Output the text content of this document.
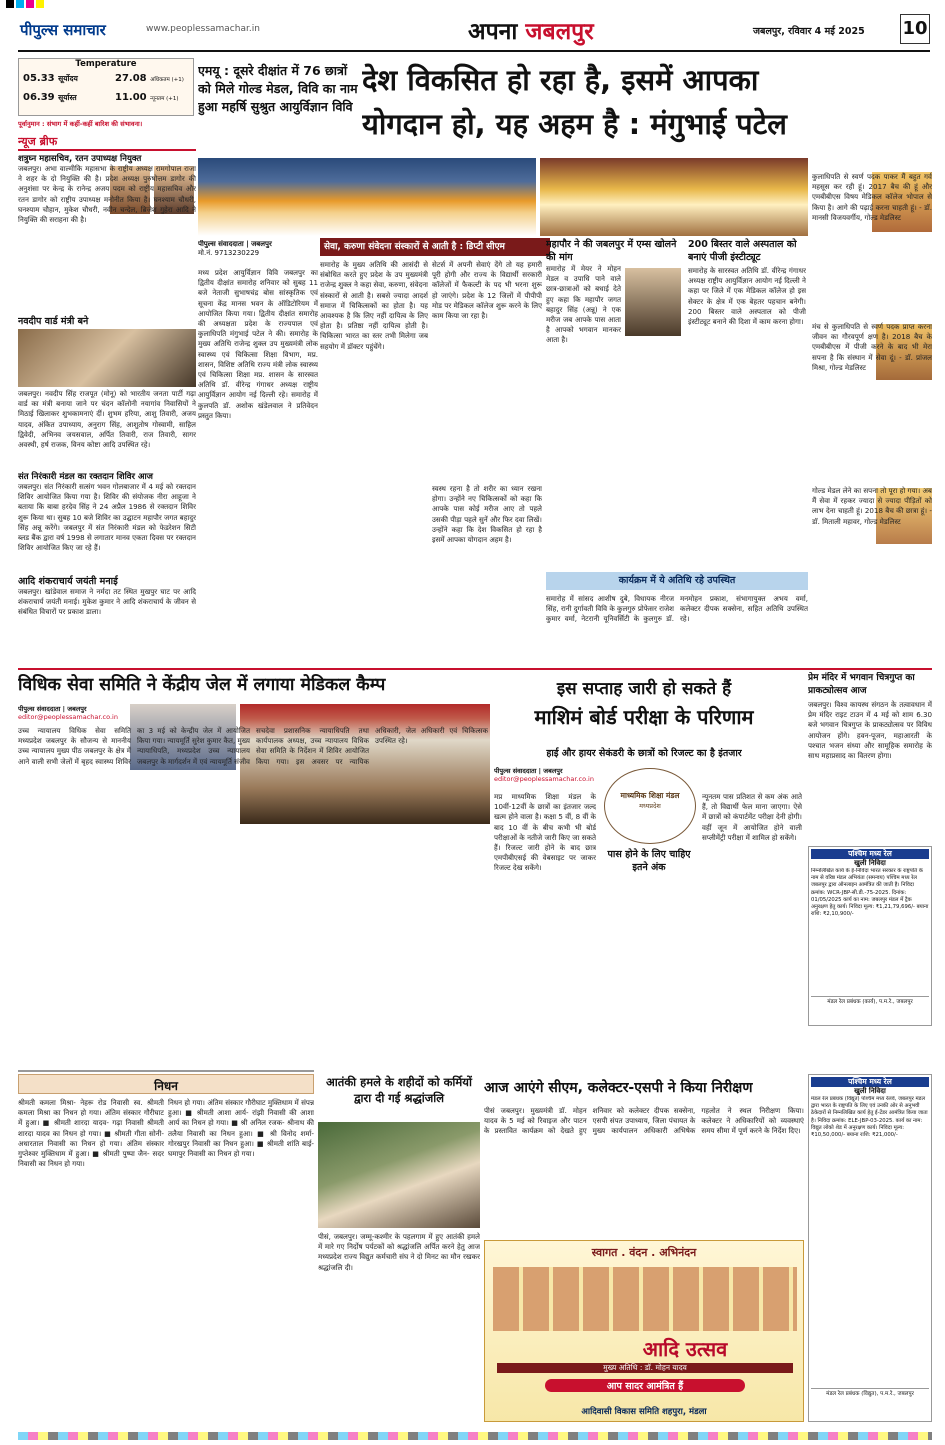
पीपुल्स समाचार	www.peoplessamachar.in	अपना जबलपुर	जबलपुर, रविवार 4 मई 2025 10
Temperature
05.33 सूर्योदय	27.08 अधिकतम (+1)
06.39 सूर्यास्त	11.00 न्यूनतम (+1)
पूर्वानुमान : संभाग में कहीं-कहीं बारिश की संभावना।
न्यूज ब्रीफ
शत्रुघ्न महासचिव, रतन उपाध्यक्ष नियुक्त
जबलपुर। अभा वाल्मीकि महासभा के राष्ट्रीय अध्यक्ष रामगोपाल राजा ने शहर के दो नियुक्ति की है। प्रदेश अध्यक्ष पुरुषोत्तम डागोर की अनुशंसा पर केन्द्र के रानेन्द्र अजय पदम को राष्ट्रीय महासचिव और रतन डागोर को राष्ट्रीय उपाध्यक्ष मनोनीत किया है। घनश्याम चौधरी, घनश्याम चौहान, मुकेश चौधरी, नवीन चन्देल, ब्रिजेश गुहेरा आदि ने नियुक्ति की सराहना की है।
नवदीप वार्ड मंत्री बने
जबलपुर। नवदीप सिंह राजपूत (मोनू) को भारतीय जनता पार्टी गढ़ा वार्ड का मंत्री बनाया जाने पर चंदन कॉलोनी नयागांव निवासियों ने मिठाई खिलाकर शुभकामनाएं दीं। शुभम हरिया, आशु तिवारी, अजय यादव, अंकित उपाध्याय, अनुराग सिंह, आशुतोष गोस्वामी, साहिल द्विवेदी, अभिनव जयसवाल, अर्पित तिवारी, राज तिवारी, सागर अवस्थी, हर्ष राजक, विनय कोष्टा आदि उपस्थित रहे।
संत निरंकारी मंडल का रक्तदान शिविर आज
जबलपुर। संत निरंकारी सत्संग भवन गोलबाजार में 4 मई को रक्तदान शिविर आयोजित किया गया है। शिविर की संयोजक नीरा आहूजा ने बताया कि बाबा हरदेव सिंह ने 24 अप्रैल 1986 से रक्तदान शिविर शुरू किया था। सुबह 10 बजे शिविर का उद्घाटन महापौर जगत बहादुर सिंह अन्नू करेंगे। जबलपुर में संत निरंकारी मंडल को फेडरेशन सिटी ब्लड बैंक द्वारा वर्ष 1998 से लगातार मानव एकता दिवस पर रक्तदान शिविर आयोजित किए जा रहे हैं।
आदि शंकराचार्य जयंती मनाई
जबलपुर। खांडेवाल समाज ने नर्मदा तट स्थित मुखपुर घाट पर आदि शंकराचार्य जयंती मनाई। मुकेश कुमार ने आदि शंकराचार्य के जीवन से संबंधित विचारों पर प्रकाश डाला।
एमयू : दूसरे दीक्षांत में 76 छात्रों को मिले गोल्ड मेडल, विवि का नाम हुआ महर्षि सुश्रुत आयुर्विज्ञान विवि
देश विकसित हो रहा है, इसमें आपका
योगदान हो, यह अहम है : मंगुभाई पटेल
कुलाधिपति से स्वर्ण पदक पाकर मैं बहुत गर्व महसूस कर रही हूं। 2017 बैच की हूं और एमबीबीएस विषय मेडिकल कॉलेज भोपाल से किया है। आगे की पढ़ाई करना चाहती हूं। - डॉ. मानसी विजयवर्गीय, गोल्ड मेडलिस्ट
मंच से कुलाधिपति से स्वर्ण पदक प्राप्त करना जीवन का गौरवपूर्ण क्षण है। 2018 बैच के एमबीबीएस में पीजी करने के बाद भी मेरा सपना है कि संस्थान में सेवा दूं। - डॉ. प्रांजल मिश्रा, गोल्ड मेडलिस्ट
गोल्ड मेडल लेने का सपना तो पूरा हो गया। अब मैं सेवा में रहकर ज्यादा से ज्यादा पीड़ितों को लाभ देना चाहती हूं। 2018 बैच की छात्रा हूं। - डॉ. मिताली महावर, गोल्ड मेडलिस्ट
पीपुल्स संवाददाता | जबलपुर
मो.नं. 9713230229
मध्य प्रदेश आयुर्विज्ञान विवि जबलपुर का द्वितीय दीक्षांत समारोह शनिवार को सुबह 11 बजे नेताजी सुभाषचंद्र बोस सांस्कृतिक एवं सूचना केंद्र मानस भवन के ऑडिटोरियम में आयोजित किया गया। द्वितीय दीक्षांत समारोह की अध्यक्षता प्रदेश के राज्यपाल एवं कुलाधिपति मंगुभाई पटेल ने की। समारोह के मुख्य अतिथि राजेन्द्र शुक्ल उप मुख्यमंत्री लोक स्वास्थ्य एवं चिकित्सा शिक्षा विभाग, मप्र. शासन, विशिष्ट अतिथि राज्य मंत्री लोक स्वास्थ्य एवं चिकित्सा शिक्षा मप्र. शासन के सारस्वत अतिथि डॉ. वीरेन्द्र गंगाधर अध्यक्ष राष्ट्रीय आयुर्विज्ञान आयोग नई दिल्ली रहे। समारोह में कुलपति डॉ. अशोक खंडेलवाल ने प्रतिवेदन प्रस्तुत किया।
सेवा, करुणा संवेदना संस्कारों से आती है : डिप्टी सीएम
समारोह के मुख्य अतिथि की आसंदी से संबोधित करते हुए प्रदेश के उप मुख्यमंत्री राजेन्द्र शुक्ल ने कहा सेवा, करुणा, संवेदना संस्कारों से आती है। सबसे ज्यादा आदर्श समाज में चिकित्सकों का होता है। यह आवश्यक है कि लिए नहीं दायित्व के लिए होता है। प्रतिष्ठा नहीं दायित्व होती है। चिकित्सा भारत का स्तर तभी मिलेगा जब सहयोग में डॉक्टर पहुंचेंगे।
सेटर्स में अपनी सेवाएं देंगे तो यह हमारी पूरी होगी और राज्य के विद्यार्थी सरकारी कॉलेजों में फैकल्टी के पद भी भरना शुरू हो जाएंगे। प्रदेश के 12 जिलों में पीपीपी मोड पर मेडिकल कॉलेज शुरू करने के लिए काम किया जा रहा है।
स्वस्थ रहना है तो शरीर का ध्यान रखना होगा। उन्होंने नए चिकित्सकों को कहा कि आपके पास कोई मरीज आए तो पहले उसकी पीड़ा पहले सुनें और फिर दवा लिखें। उन्होंने कहा कि देश विकसित हो रहा है इसमें आपका योगदान अहम है।
महापौर ने की जबलपुर में एम्स खोलने की मांग
समारोह में मेयर ने मोहन मेडल व उपाधि पाने वाले छात्र-छात्राओं को बधाई देते हुए कहा कि महापौर जगत बहादुर सिंह (अन्नू) ने एक मरीज जब आपके पास आता है आपको भगवान मानकर आता है।
200 बिस्तर वाले अस्पताल को बनाएं पीजी इंस्टीट्यूट
समारोह के सारस्वत अतिथि डॉ. वीरेन्द्र गंगाधर अध्यक्ष राष्ट्रीय आयुर्विज्ञान आयोग नई दिल्ली ने कहा पर जिले में एक मेडिकल कॉलेज हो इस सेक्टर के क्षेत्र में एक बेहतर पहचान बनेगी। 200 बिस्तर वाले अस्पताल को पीजी इंस्टीट्यूट बनाने की दिशा में काम करना होगा।
कार्यक्रम में ये अतिथि रहे उपस्थित
समारोह में सांसद आशीष दुबे, विधायक नीरज सिंह, रानी दुर्गावती विवि के कुलगुरु प्रोफेसर राजेश कुमार वर्मा, नेटरानी यूनिवर्सिटी के कुलगुरु डॉ. मनमोहन प्रकाश, संभागायुक्त अभय वर्मा, कलेक्टर दीपक सक्सेना, सहित अतिथि उपस्थित रहे।
विधिक सेवा समिति ने केंद्रीय जेल में लगाया मेडिकल कैम्प
पीपुल्स संवाददाता | जबलपुर
editor@peoplessamachar.co.in
उच्च न्यायालय विधिक सेवा समिति मध्यप्रदेश जबलपुर के सौजन्य से माननीय उच्च न्यायालय मुख्य पीठ जबलपुर के क्षेत्र में आने वाली सभी जेलों में बृहद स्वास्थ्य शिविर का 3 मई को केन्द्रीय जेल में आयोजित किया गया। न्यायमूर्ति सुरेश कुमार कैत, मुख्य न्यायाधिपति, मध्यप्रदेश उच्च न्यायालय जबलपुर के मार्गदर्शन में एवं न्यायमूर्ति संजीव सचदेवा प्रशासनिक न्यायाधिपति तथा कार्यपालक अध्यक्ष, उच्च न्यायालय विधिक सेवा समिति के निर्देशन में शिविर आयोजित किया गया। इस अवसर पर न्यायिक अधिकारी, जेल अधिकारी एवं चिकित्सक उपस्थित रहे।
इस सप्ताह जारी हो सकते हैं
माशिमं बोर्ड परीक्षा के परिणाम
हाई और हायर सेकंडरी के छात्रों को रिजल्ट का है इंतजार
पीपुल्स संवाददाता | जबलपुर
editor@peoplessamachar.co.in
माध्यमिक शिक्षा मंडल
मध्यप्रदेश
मप्र माध्यमिक शिक्षा मंडल के 10वीं-12वीं के छात्रों का इंतजार जल्द खत्म होने वाला है। कक्षा 5 वीं, 8 वीं के बाद 10 वीं के बीच कभी भी बोर्ड परीक्षाओं के नतीजे जारी किए जा सकते हैं। रिजल्ट जारी होने के बाद छात्र एमपीबीएसई की वेबसाइट पर जाकर रिजल्ट देख सकेंगे।
पास होने के लिए चाहिए इतने अंक
न्यूनतम पास प्रतिशत से कम अंक आते हैं, तो विद्यार्थी फेल माना जाएगा। ऐसे में छात्रों को कंपार्टमेंट परीक्षा देनी होगी। वहीं जून में आयोजित होने वाली सप्लीमेंट्री परीक्षा में शामिल हो सकेंगे।
प्रेम मंदिर में भगवान चित्रगुप्त का प्राकट्योत्सव आज
जबलपुर। विश्व कायस्थ संगठन के तत्वावधान में प्रेम मंदिर राइट टाउन में 4 मई को शाम 6.30 बजे भगवान चित्रगुप्त के प्राकट्योत्सव पर विविध आयोजन होंगे। हवन-पूजन, महाआरती के पश्चात भजन संध्या और सामूहिक समारोह के साथ महाप्रसाद का वितरण होगा।
पश्चिम मध्य रेल
खुली निविदा
निम्नलिखित कार्य के ई-निविदा भारत सरकार के राष्ट्रपति के नाम से वरिष्ठ मंडल अभियंता (समन्वय) पश्चिम मध्य रेल जबलपुर द्वारा ऑनलाइन आमंत्रित की जाती है। निविदा क्रमांक: WCR-JBP-सी.डी.-75-2025. दिनांक: 01/05/2025 कार्य का नाम: जबलपुर मंडल में ट्रैक अनुरक्षण हेतु कार्य। निविदा मूल्य: ₹1,21,79,696/- बयाना राशि: ₹2,10,900/-
मंडल रेल प्रबंधक (कार्य), प.म.रे., जबलपुर
निधन
श्रीमती कमला मिश्रा- नेहरू रोड निवासी स्व. श्रीमती कमला मिश्रा का निधन हो गया। अंतिम संस्कार गौरीघाट में हुआ। ■ श्रीमती शारदा यादव- गढ़ा निवासी श्रीमती शारदा यादव का निधन हो गया। ■ श्रीमती गीता सोनी- अधारताल निवासी का निधन हो गया। अंतिम संस्कार गुप्तेश्वर मुक्तिधाम में हुआ। ■ श्रीमती पुष्पा जैन- सदर निवासी का निधन हो गया।
निधन हो गया। अंतिम संस्कार गौरीघाट मुक्तिधाम में संपन्न हुआ। ■ श्रीमती आशा आर्य- रांझी निवासी की आशा आर्य का निधन हो गया। ■ श्री अनिल रजक- श्रीनाथ की तलैया निवासी का निधन हुआ। ■ श्री विनोद शर्मा- गोरखपुर निवासी का निधन हुआ। ■ श्रीमती शांति बाई- घमापुर निवासी का निधन हो गया।
आतंकी हमले के शहीदों को कर्मियों द्वारा दी गई श्रद्धांजलि
पीसं, जबलपुर। जम्मू-कश्मीर के पहलगाम में हुए आतंकी हमले में मारे गए निर्दोष पर्यटकों को श्रद्धांजलि अर्पित करने हेतु आज मध्यप्रदेश राज्य विद्युत कर्मचारी संघ ने दो मिनट का मौन रखकर श्रद्धांजलि दी।
आज आएंगे सीएम, कलेक्टर-एसपी ने किया निरीक्षण
पीसं जबलपुर। मुख्यमंत्री डॉ. मोहन यादव के 5 मई को रिवाइज और पाटन के प्रस्तावित कार्यक्रम को देखते हुए शनिवार को कलेक्टर दीपक सक्सेना, एसपी संपत उपाध्याय, जिला पंचायत के मुख्य कार्यपालन अधिकारी अभिषेक गहलोत ने स्थल निरीक्षण किया। कलेक्टर ने अधिकारियों को व्यवस्थाएं समय सीमा में पूर्ण करने के निर्देश दिए।
स्वागत . वंदन . अभिनंदन
आदि उत्सव
मुख्य अतिथि : डॉ. मोहन यादव
आप सादर आमंत्रित हैं
आदिवासी विकास समिति शहपुरा, मंडला
पश्चिम मध्य रेल
खुली निविदा
मंडल रेल प्रबंधक (विद्युत) पश्चिम मध्य रेलवे, जबलपुर मंडल द्वारा भारत के राष्ट्रपति के लिए एवं उनकी ओर से अनुभवी ठेकेदारों से निम्नलिखित कार्य हेतु ई-टेंडर आमंत्रित किया जाता है। निविदा क्रमांक: ELE-JBP-03-2025. कार्य का नाम: विद्युत लोको शेड में अनुरक्षण कार्य। निविदा मूल्य: ₹10,50,000/- बयाना राशि: ₹21,000/-
मंडल रेल प्रबंधक (विद्युत), प.म.रे., जबलपुर
